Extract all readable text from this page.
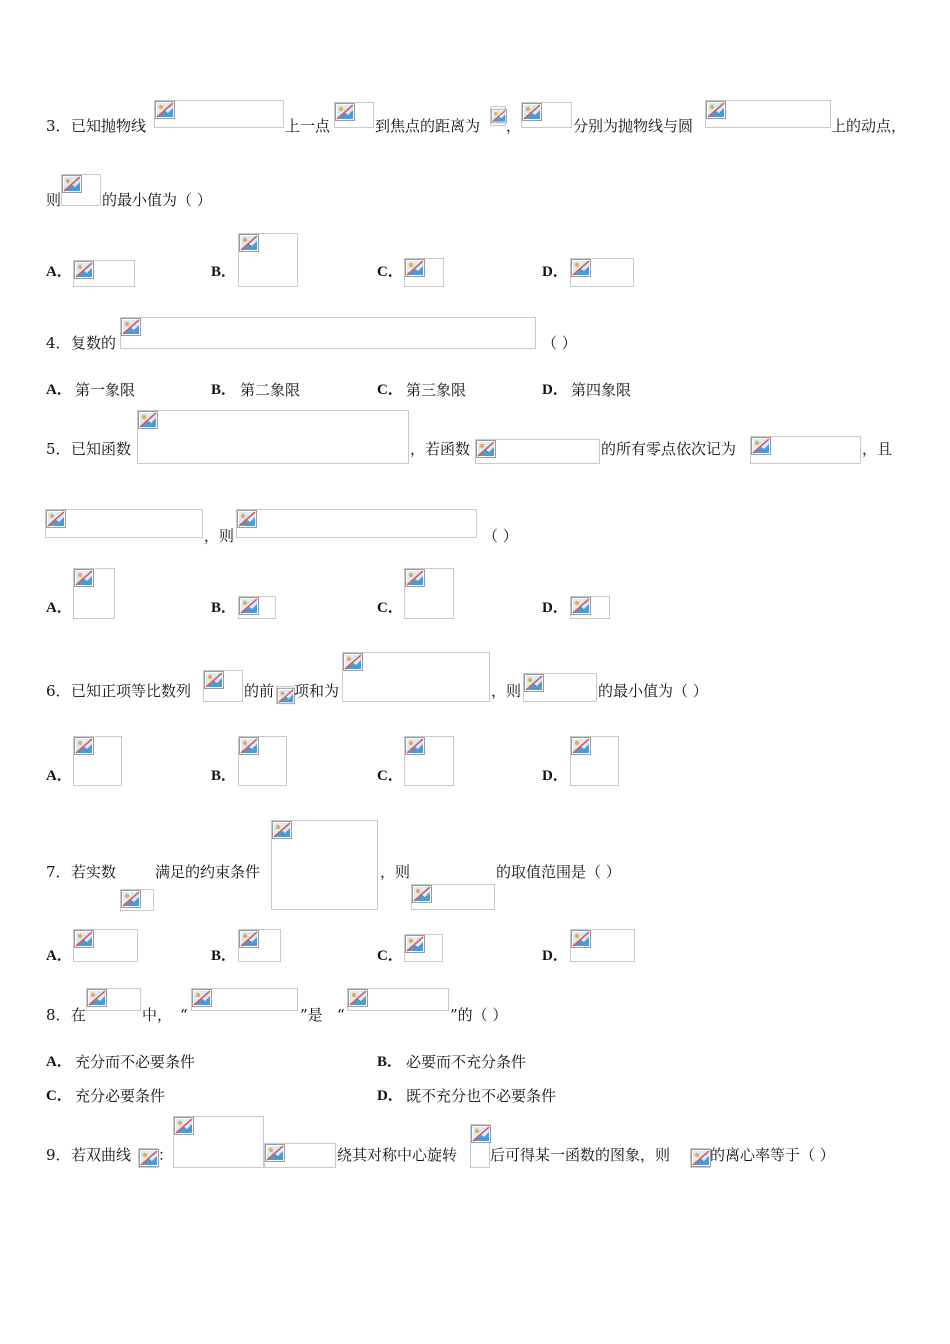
3． 已知抛物线	上一点	到焦点的距离为 ，	分别为抛物线与圆	上的动点，
则	的最小值为（ ）
A．	B．	C．	D．
4． 复数的	（ ）
A． 第一象限	B． 第二象限	C． 第三象限	D． 第四象限
5． 已知函数	，若函数	的所有零点依次记为	，且
，则	（ ）
A．	B．	C．	D．
6． 已知正项等比数列	的前 项和为	，则	的最小值为（ ）
A．	B．	C．	D．
7． 若实数	满足的约束条件	，则	的取值范围是（ ）
A．	B．	C．	D．
8． 在	中， “	”是 “	”的（ ）
A． 充分而不必要条件	B． 必要而不充分条件
C． 充分必要条件	D． 既不充分也不必要条件
9． 若双曲线 ：	绕其对称中心旋转 后可得某一函数的图象，则	的离心率等于（ ）
